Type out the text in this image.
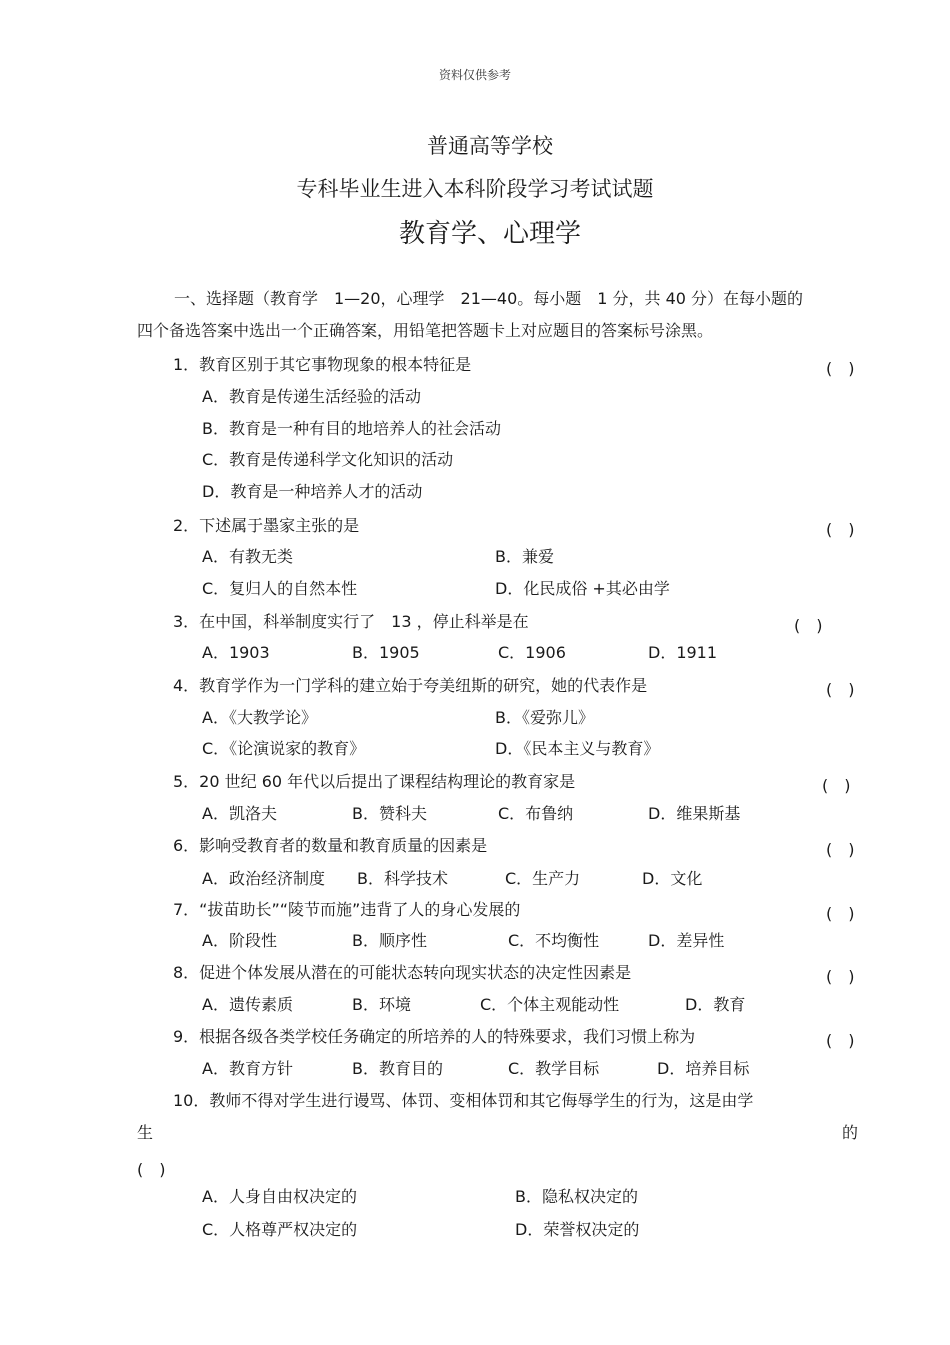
资料仅供参考
普通高等学校
专科毕业生进入本科阶段学习考试试题
教育学、心理学
一、选择题（教育学　1—20，心理学　21—40。每小题　1 分，共 40 分）在每小题的
四个备选答案中选出一个正确答案，用铅笔把答题卡上对应题目的答案标号涂黑。
1．教育区别于其它事物现象的根本特征是	(　)
A．教育是传递生活经验的活动
B．教育是一种有目的地培养人的社会活动
C．教育是传递科学文化知识的活动
D．教育是一种培养人才的活动
2．下述属于墨家主张的是	(　)
A．有教无类	B．兼爱
C．复归人的自然本性	D．化民成俗 +其必由学
3．在中国，科举制度实行了　13 ，停止科举是在	(　)
A．1903	B．1905	C．1906	D．1911
4．教育学作为一门学科的建立始于夸美纽斯的研究，她的代表作是	(　)
A．《大教学论》	B．《爱弥儿》
C．《论演说家的教育》	D．《民本主义与教育》
5．20 世纪 60 年代以后提出了课程结构理论的教育家是	(　)
A．凯洛夫	B．赞科夫	C．布鲁纳	D．维果斯基
6．影响受教育者的数量和教育质量的因素是	(　)
A．政治经济制度 B．科学技术	C．生产力	D．文化
7．“拔苗助长”“陵节而施”违背了人的身心发展的	(　)
A．阶段性	B．顺序性	C．不均衡性	D．差异性
8．促进个体发展从潜在的可能状态转向现实状态的决定性因素是	(　)
A．遗传素质	B．环境	C．个体主观能动性	D．教育
9．根据各级各类学校任务确定的所培养的人的特殊要求，我们习惯上称为	(　)
A．教育方针	B．教育目的	C．教学目标	D．培养目标
10．教师不得对学生进行谩骂、体罚、变相体罚和其它侮辱学生的行为，这是由学
生	的
(　)
A．人身自由权决定的	B．隐私权决定的
C．人格尊严权决定的	D．荣誉权决定的
